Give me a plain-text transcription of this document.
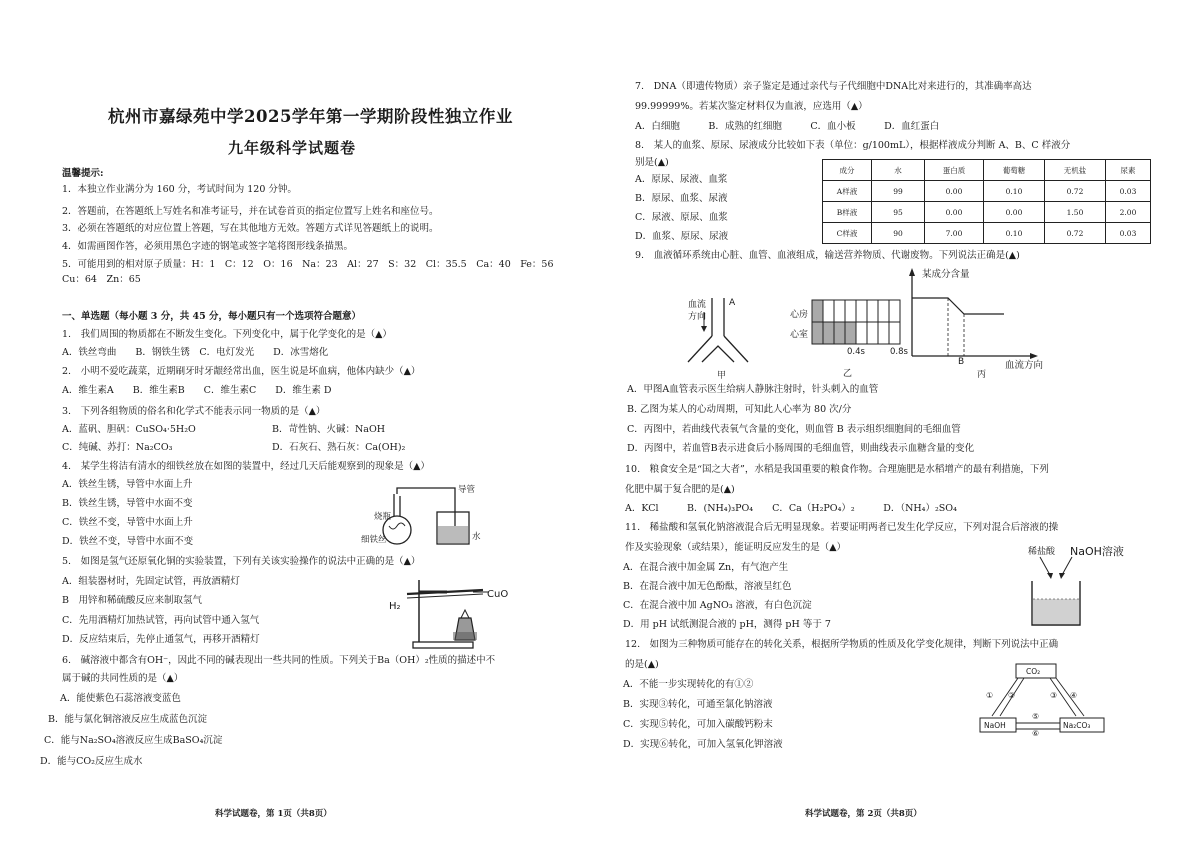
杭州市嘉绿苑中学2025学年第一学期阶段性独立作业
九年级科学试题卷
温馨提示:
1．本独立作业满分为 160 分，考试时间为 120 分钟。
2．答题前，在答题纸上写姓名和准考证号，并在试卷首页的指定位置写上姓名和座位号。
3．必须在答题纸的对应位置上答题，写在其他地方无效。答题方式详见答题纸上的说明。
4．如需画图作答，必须用黑色字迹的钢笔或签字笔将图形线条描黑。
5．可能用到的相对原子质量：H：1　C：12　O：16　Na：23　Al：27　S：32　Cl：35.5　Ca：40　Fe：56
Cu：64　Zn：65
一、单选题（每小题 3 分，共 45 分，每小题只有一个选项符合题意）
1.　我们周围的物质都在不断发生变化。下列变化中，属于化学变化的是（▲）
A．铁丝弯曲　　B．钢铁生锈　C．电灯发光　　D．冰雪熔化
2.　小明不爱吃蔬菜，近期刷牙时牙龈经常出血，医生说是坏血病，他体内缺少（▲）
A．维生素A　　B．维生素B　　C．维生素C　　D．维生素 D
3.　下列各组物质的俗名和化学式不能表示同一物质的是（▲）
A．蓝矾、胆矾：CuSO₄·5H₂O	B．苛性钠、火碱：NaOH
C．纯碱、苏打：Na₂CO₃	D．石灰石、熟石灰：Ca(OH)₂
4.　某学生将洁有清水的细铁丝放在如图的装置中，经过几天后能观察到的现象是（▲）
A．铁丝生锈，导管中水面上升
B．铁丝生锈，导管中水面不变
C．铁丝不变，导管中水面上升
D．铁丝不变，导管中水面不变
导管
烧瓶
细铁丝	水
5.　如图是氢气还原氧化铜的实验装置，下列有关该实验操作的说法中正确的是（▲）
A．组装器材时，先固定试管，再放酒精灯
B　用锌和稀硫酸反应来制取氢气
C．先用酒精灯加热试管，再向试管中通入氢气
D．反应结束后，先停止通氢气，再移开酒精灯
H₂
CuO
6.　碱溶液中都含有OH⁻，因此不同的碱表现出一些共同的性质。下列关于Ba（OH）₂性质的描述中不
属于碱的共同性质的是（▲）
A．能使紫色石蕊溶液变蓝色
B．能与氯化铜溶液反应生成蓝色沉淀
C．能与Na₂SO₄溶液反应生成BaSO₄沉淀
D．能与CO₂反应生成水
科学试题卷，第 1页（共8页）
7.　DNA（即遗传物质）亲子鉴定是通过亲代与子代细胞中DNA比对来进行的，其准确率高达
99.99999%。若某次鉴定材料仅为血液，应选用（▲）
A．白细胞　　　B．成熟的红细胞　　　C．血小板　　　D．血红蛋白
8.　某人的血浆、原尿、尿液成分比较如下表（单位：g/100mL），根据样液成分判断 A、B、C 样液分
别是(▲)
A．原尿、尿液、血浆
B．原尿、血浆、尿液
C．尿液、原尿、血浆
D．血浆、原尿、尿液
成分	水	蛋白质	葡萄糖	无机盐	尿素
A样液	99	0.00	0.10	0.72	0.03
B样液	95	0.00	0.00	1.50	2.00
C样液	90	7.00	0.10	0.72	0.03
9.　血液循环系统由心脏、血管、血液组成，输送营养物质、代谢废物。下列说法正确是(▲)
血流
方向
A
甲
心房
心室
0.4s	0.8s
乙
某成分含量
B	血流方向
丙
A．甲图A血管表示医生给病人静脉注射时，针头刺入的血管
B. 乙图为某人的心动周期，可知此人心率为 80 次/分
C．丙图中，若曲线代表氧气含量的变化，则血管 B 表示组织细胞间的毛细血管
D．丙图中，若血管B表示进食后小肠周围的毛细血管，则曲线表示血糖含量的变化
10.　粮食安全是“国之大者”，水稻是我国重要的粮食作物。合理施肥是水稻增产的最有利措施，下列
化肥中属于复合肥的是(▲)
A．KCl　　　B．(NH₄)₃PO₄　　C．Ca（H₂PO₄）₂　　　D．（NH₄）₂SO₄
11.　稀盐酸和氢氧化钠溶液混合后无明显现象。若要证明两者已发生化学反应，下列对混合后溶液的操
作及实验现象（或结果），能证明反应发生的是（▲）
A．在混合液中加金属 Zn，有气泡产生
B．在混合液中加无色酚酞，溶液呈红色
C．在混合液中加 AgNO₃ 溶液，有白色沉淀
D．用 pH 试纸测混合液的 pH，测得 pH 等于 7
稀盐酸 NaOH溶液
12.　如图为三种物质可能存在的转化关系，根据所学物质的性质及化学变化规律，判断下列说法中正确
的是(▲)
A．不能一步实现转化的有①②
B．实现③转化，可通至氯化钠溶液
C．实现⑤转化，可加入碳酸钙粉末
D．实现⑥转化，可加入氢氧化钾溶液
CO₂
NaOH	Na₂CO₃
① ②	③ ④
⑤
⑥
科学试题卷，第 2页（共8页）
